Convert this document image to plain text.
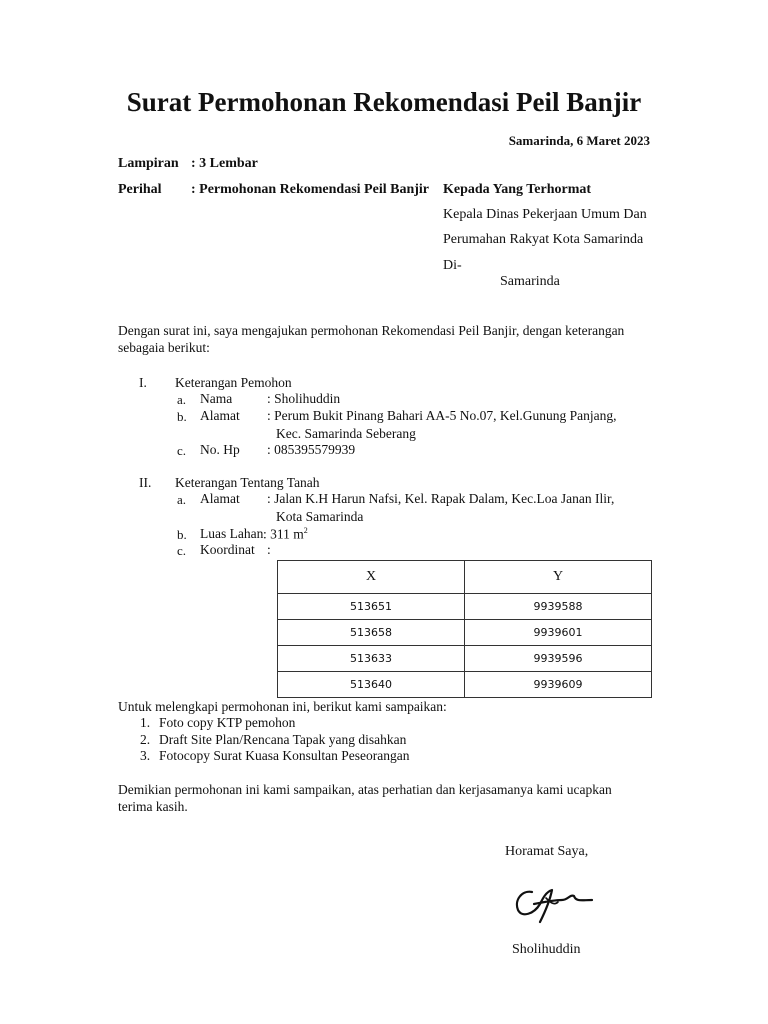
Surat Permohonan Rekomendasi Peil Banjir
Samarinda, 6 Maret 2023
Lampiran : 3 Lembar
Perihal : Permohonan Rekomendasi Peil Banjir Kepada Yang Terhormat
Kepala Dinas Pekerjaan Umum Dan
Perumahan Rakyat Kota Samarinda
Di-
Samarinda
Dengan surat ini, saya mengajukan permohonan Rekomendasi Peil Banjir, dengan keterangan
sebagaia berikut:
I. Keterangan Pemohon
a. Nama	: Sholihuddin
b. Alamat : Perum Bukit Pinang Bahari AA-5 No.07, Kel.Gunung Panjang,
Kec. Samarinda Seberang
c. No. Hp : 085395579939
II. Keterangan Tentang Tanah
a. Alamat : Jalan K.H Harun Nafsi, Kel. Rapak Dalam, Kec.Loa Janan Ilir,
Kota Samarinda
b. Luas Lahan : 311 $m^2$
c. Koordinat :
X	Y
513651	9939588
513658	9939601
513633	9939596
513640	9939609
Untuk melengkapi permohonan ini, berikut kami sampaikan:
1. Foto copy KTP pemohon
2. Draft Site Plan/Rencana Tapak yang disahkan
3. Fotocopy Surat Kuasa Konsultan Peseorangan
Demikian permohonan ini kami sampaikan, atas perhatian dan kerjasamanya kami ucapkan
terima kasih.
Horamat Saya,
Sholihuddin
